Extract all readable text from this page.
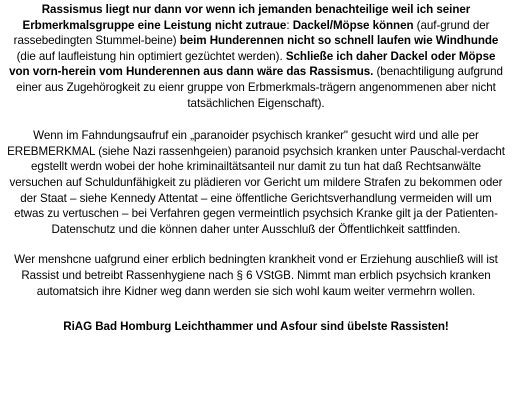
Rassismus liegt nur dann vor wenn ich jemanden benachteilige weil ich seiner Erbmerkmalsgruppe eine Leistung nicht zutraue: Dackel/Möpse können (auf-grund der rassebedingten Stummel-beine) beim Hunderennen nicht so schnell laufen wie Windhunde (die auf laufleistung hin optimiert gezüchtet werden). Schließe ich daher Dackel oder Möpse von vorn-herein vom Hunderennen aus dann wäre das Rassismus. (benachtiligung aufgrund einer aus Zugehörogkeit zu eienr gruppe von Erbmerkmals-trägern angenommenen aber nicht tatsächlichen Eigenschaft).

Wenn im Fahndungsaufruf ein „paranoider psychisch kranker" gesucht wird und alle per EREBMERKMAL (siehe Nazi rassenhgeien) paranoid psychsich kranken unter Pauschal-verdacht egstellt werdn wobei der hohe kriminailtätsanteil nur damit zu tun hat daß Rechtsanwälte versuchen auf Schuldunfähigkeit zu plädieren vor Gericht um mildere Strafen zu bekommen oder der Staat – siehe Kennedy Attentat – eine öffentliche Gerichtsverhandlung vermeiden will um etwas zu vertuschen – bei Verfahren gegen vermeintlich psychsich Kranke gilt ja der Patienten-Datenschutz und die können daher unter Ausschluß der Öffentlichkeit sattfinden.

Wer menshcne uafgrund einer erblich bedningten krankheit vond er Erziehung auschließ will ist Rassist und betreibt Rassenhygiene nach § 6 VStGB. Nimmt man erblich psychsich kranken automatsich ihre Kidner weg dann werden sie sich wohl kaum weiter vermehrn wollen.

RiAG Bad Homburg Leichthammer und Asfour sind übelste Rassisten!
